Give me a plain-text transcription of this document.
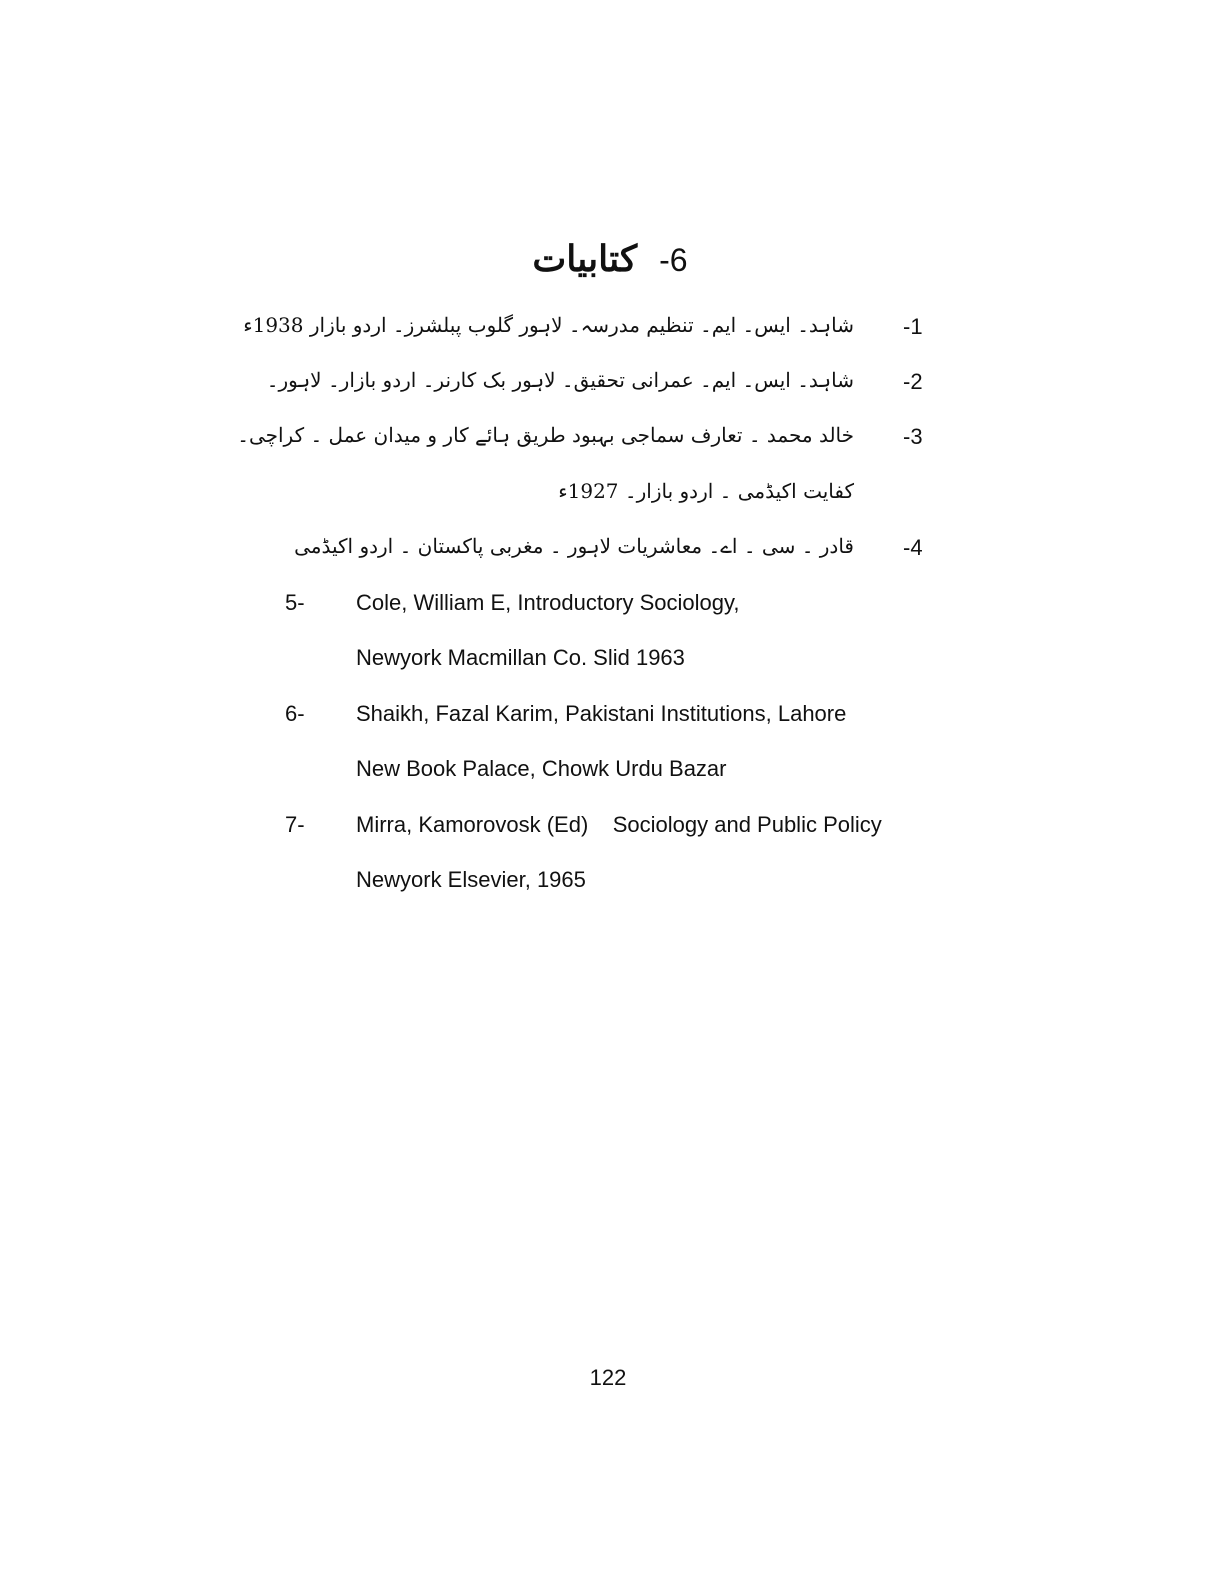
-6کتابیات
-1
شاہد۔ ایس۔ ایم۔ تنظیم مدرسہ۔ لاہور گلوب پبلشرز۔ اردو بازار 1938ء
-2
شاہد۔ ایس۔ ایم۔ عمرانی تحقیق۔ لاہور بک کارنر۔ اردو بازار۔ لاہور۔
-3
خالد محمد ۔ تعارف سماجی بہبود طریق ہائے کار و میدان عمل ۔ کراچی۔
کفایت اکیڈمی ۔ اردو بازار۔ 1927ء
-4
قادر ۔ سی ۔ اے۔ معاشریات لاہور ۔ مغربی پاکستان ۔ اردو اکیڈمی
5- Cole, William E, Introductory Sociology,
Newyork Macmillan Co. Slid 1963
6- Shaikh, Fazal Karim, Pakistani Institutions, Lahore
New Book Palace, Chowk Urdu Bazar
7- Mirra, Kamorovosk (Ed)    Sociology and Public Policy
Newyork Elsevier, 1965
122
